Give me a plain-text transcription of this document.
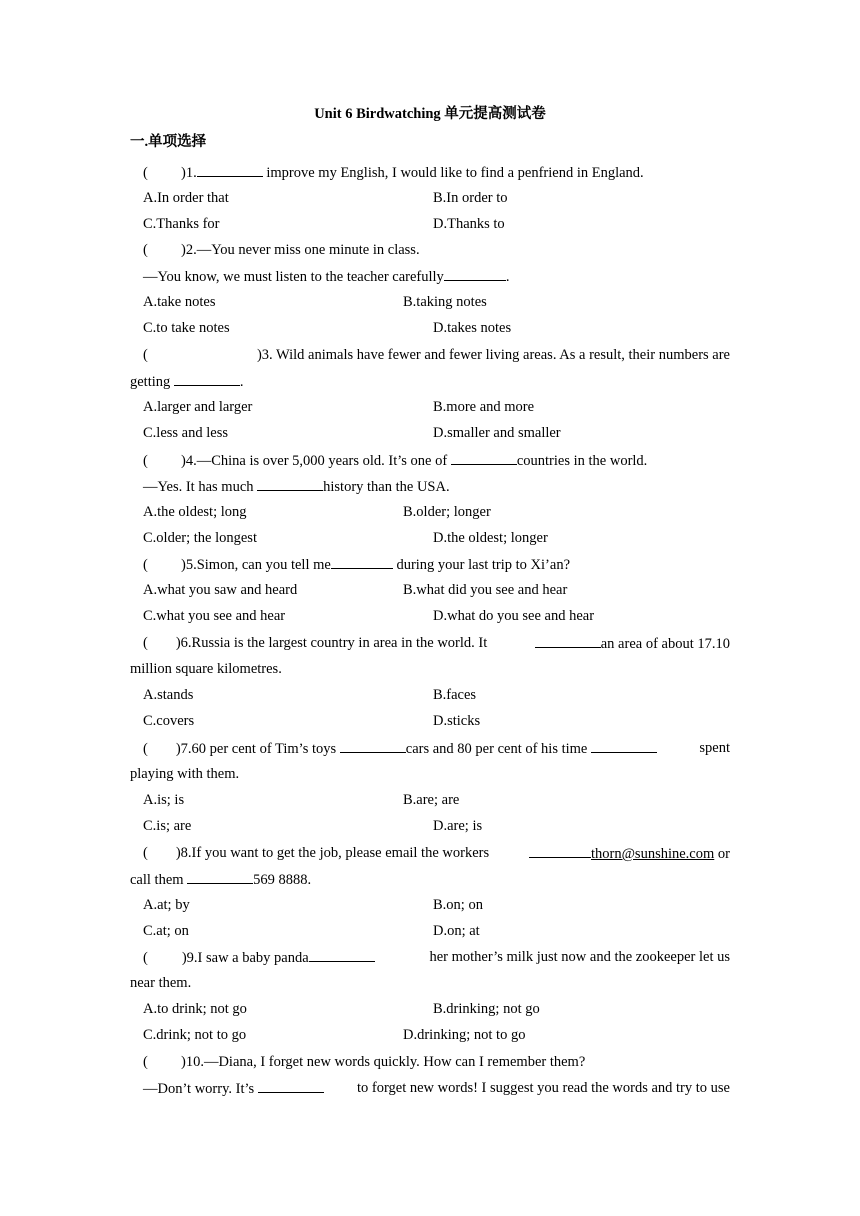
Unit 6 Birdwatching 单元提高测试卷
一.单项选择
( )1.	improve my English, I would like to find a penfriend in England.
A.In order that	B.In order to
C.Thanks for	D.Thanks to
( )2.—You never miss one minute in class.
—You know, we must listen to the teacher carefully	.
A.take notes	B.taking notes
C.to take notes	D.takes notes
(	)3. Wild animals have fewer and fewer living areas. As a result, their numbers are
getting	.
A.larger and larger	B.more and more
C.less and less	D.smaller and smaller
( )4.—China is over 5,000 years old. It’s one of	countries in the world.
—Yes. It has much	history than the USA.
A.the oldest; long	B.older; longer
C.older; the longest	D.the oldest; longer
( )5.Simon, can you tell me	during your last trip to Xi’an?
A.what you saw and heard	B.what did you see and hear
C.what you see and hear	D.what do you see and hear
( )6.Russia is the largest country in area in the world. It	an area of about 17.10
million square kilometres.
A.stands	B.faces
C.covers	D.sticks
( )7.60 per cent of Tim’s toys	cars and 80 per cent of his time	spent
playing with them.
A.is; is	B.are; are
C.is; are	D.are; is
( )8.If you want to get the job, please email the workers	thorn@sunshine.com or
call them	569 8888.
A.at; by	B.on; on
C.at; on	D.on; at
( )9.I saw a baby panda	her mother’s milk just now and the zookeeper let us
near them.
A.to drink; not go	B.drinking; not go
C.drink; not to go	D.drinking; not to go
( )10.—Diana, I forget new words quickly. How can I remember them?
—Don’t worry. It’s	to forget new words! I suggest you read the words and try to use
